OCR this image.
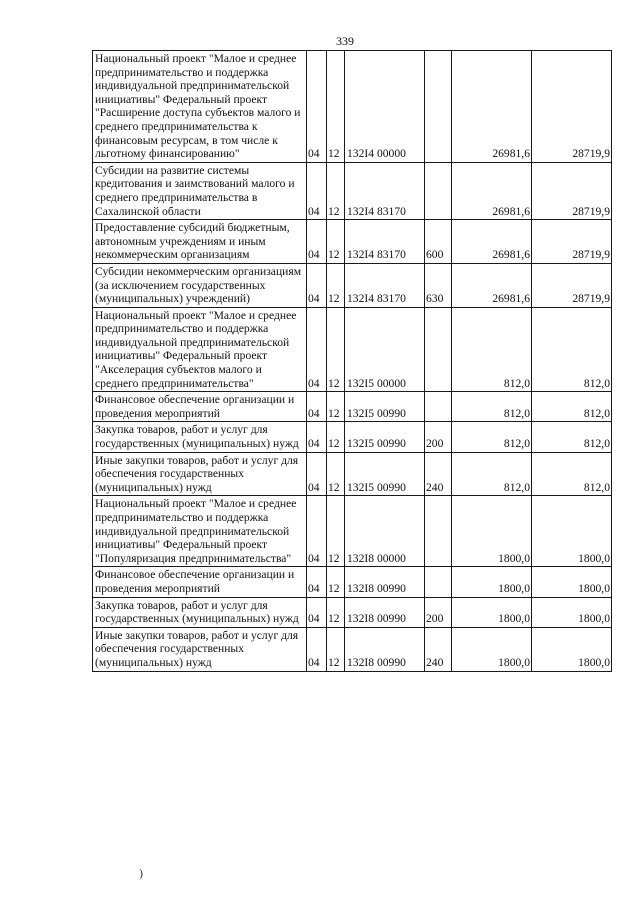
339
Национальный проект "Малое и среднее предпринимательство и поддержка индивидуальной предпринимательской инициативы" Федеральный проект "Расширение доступа субъектов малого и среднего предпринимательства к финансовым ресурсам, в том числе к льготному финансированию"	04	12	132I4 00000		26981,6	28719,9
Субсидии на развитие системы кредитования и заимствований малого и среднего предпринимательства в Сахалинской области	04	12	132I4 83170		26981,6	28719,9
Предоставление субсидий бюджетным, автономным учреждениям и иным некоммерческим организациям	04	12	132I4 83170	600	26981,6	28719,9
Субсидии некоммерческим организациям (за исключением государственных (муниципальных) учреждений)	04	12	132I4 83170	630	26981,6	28719,9
Национальный проект "Малое и среднее предпринимательство и поддержка индивидуальной предпринимательской инициативы" Федеральный проект "Акселерация субъектов малого и среднего предпринимательства"	04	12	132I5 00000		812,0	812,0
Финансовое обеспечение организации и проведения мероприятий	04	12	132I5 00990		812,0	812,0
Закупка товаров, работ и услуг для государственных (муниципальных) нужд	04	12	132I5 00990	200	812,0	812,0
Иные закупки товаров, работ и услуг для обеспечения государственных (муниципальных) нужд	04	12	132I5 00990	240	812,0	812,0
Национальный проект "Малое и среднее предпринимательство и поддержка индивидуальной предпринимательской инициативы" Федеральный проект "Популяризация предпринимательства"	04	12	132I8 00000		1800,0	1800,0
Финансовое обеспечение организации и проведения мероприятий	04	12	132I8 00990		1800,0	1800,0
Закупка товаров, работ и услуг для государственных (муниципальных) нужд	04	12	132I8 00990	200	1800,0	1800,0
Иные закупки товаров, работ и услуг для обеспечения государственных (муниципальных) нужд	04	12	132I8 00990	240	1800,0	1800,0
)
